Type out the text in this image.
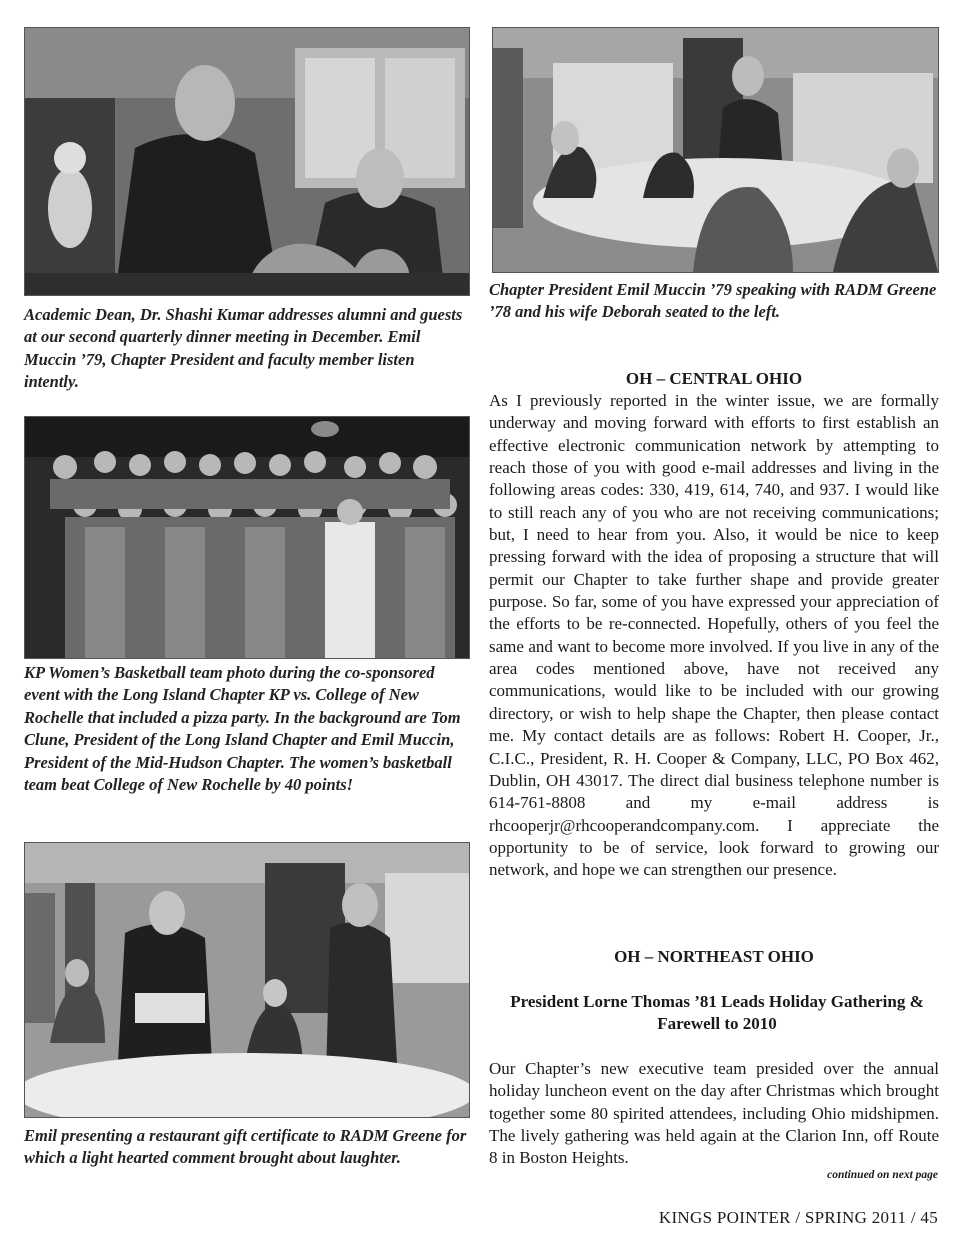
Academic Dean, Dr. Shashi Kumar addresses alumni and guests at our second quarterly dinner meeting in December. Emil Muccin ’79, Chapter President and faculty member listen intently.
Chapter President Emil Muccin ’79 speaking with RADM Greene ’78 and his wife Deborah seated to the left.
KP Women’s Basketball team photo during the co-sponsored event with the Long Island Chapter KP vs. College of New Rochelle that included a pizza party. In the background are Tom Clune, President of the Long Island Chapter and Emil Muccin, President of the Mid-Hudson Chapter. The women’s basketball team beat College of New Rochelle by 40 points!
Emil presenting a restaurant gift certificate to RADM Greene for which a light hearted comment brought about laughter.
OH – CENTRAL OHIO
As I previously reported in the winter issue, we are formally underway and moving forward with efforts to first establish an effective electronic communication network by attempting to reach those of you with good e-mail addresses and living in the following areas codes: 330, 419, 614, 740, and 937. I would like to still reach any of you who are not receiving communications; but, I need to hear from you. Also, it would be nice to keep pressing forward with the idea of proposing a structure that will permit our Chapter to take further shape and provide greater purpose. So far, some of you have expressed your appreciation of the efforts to be re-connected. Hopefully, others of you feel the same and want to become more involved. If you live in any of the area codes mentioned above, have not received any communications, would like to be included with our growing directory, or wish to help shape the Chapter, then please contact me. My contact details are as follows: Robert H. Cooper, Jr., C.I.C., President, R. H. Cooper & Company, LLC, PO Box 462, Dublin, OH 43017. The direct dial business telephone number is 614-761-8808 and my e-mail address is rhcooperjr@rhcooperandcompany.com. I appreciate the opportunity to be of service, look forward to growing our network, and hope we can strengthen our presence.
OH – NORTHEAST OHIO
President Lorne Thomas ’81 Leads Holiday Gathering & Farewell to 2010
Our Chapter’s new executive team presided over the annual holiday luncheon event on the day after Christmas which brought together some 80 spirited attendees, including Ohio midshipmen. The lively gathering was held again at the Clarion Inn, off Route 8 in Boston Heights.
continued on next page
KINGS POINTER / SPRING 2011 / 45
